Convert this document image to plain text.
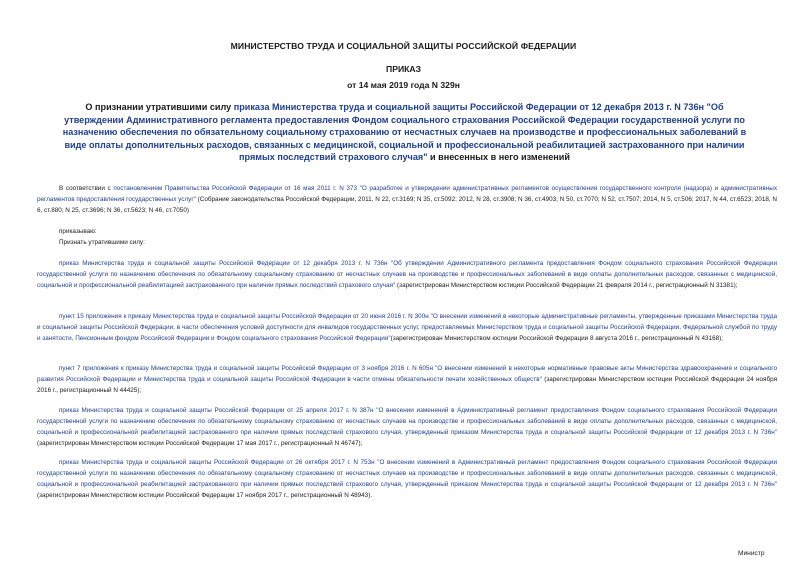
МИНИСТЕРСТВО ТРУДА И СОЦИАЛЬНОЙ ЗАЩИТЫ РОССИЙСКОЙ ФЕДЕРАЦИИ
ПРИКАЗ
от 14 мая 2019 года N 329н
О признании утратившими силу приказа Министерства труда и социальной защиты Российской Федерации от 12 декабря 2013 г. N 736н "Об утверждении Административного регламента предоставления Фондом социального страхования Российской Федерации государственной услуги по назначению обеспечения по обязательному социальному страхованию от несчастных случаев на производстве и профессиональных заболеваний в виде оплаты дополнительных расходов, связанных с медицинской, социальной и профессиональной реабилитацией застрахованного при наличии прямых последствий страхового случая" и внесенных в него изменений

В соответствии с постановлением Правительства Российской Федерации от 16 мая 2011 г. N 373 "О разработке и утверждении административных регламентов осуществления государственного контроля (надзора) и административных регламентов предоставления государственных услуг" (Собрание законодательства Российской Федерации, 2011, N 22, ст.3169; N 35, ст.5092; 2012, N 28, ст.3908; N 36, ст.4903; N 50, ст.7070; N 52, ст.7507; 2014, N 5, ст.506; 2017, N 44, ст.6523; 2018, N 6, ст.880; N 25, ст.3696; N 36, ст.5623; N 46, ст.7050)

приказываю:

Признать утратившими силу:

приказ Министерства труда и социальной защиты Российской Федерации от 12 декабря 2013 г. N 736н "Об утверждении Административного регламента предоставления Фондом социального страхования Российской Федерации государственной услуги по назначению обеспечения по обязательному социальному страхованию от несчастных случаев на производстве и профессиональных заболеваний в виде оплаты дополнительных расходов, связанных с медицинской, социальной и профессиональной реабилитацией застрахованного при наличии прямых последствий страхового случая" (зарегистрирован Министерством юстиции Российской Федерации 21 февраля 2014 г., регистрационный N 31381);

пункт 15 приложения к приказу Министерства труда и социальной защиты Российской Федерации от 20 июня 2016 г. N 300н "О внесении изменений в некоторые административные регламенты, утвержденные приказами Министерства труда и социальной защиты Российской Федерации, в части обеспечения условий доступности для инвалидов государственных услуг, предоставляемых Министерством труда и социальной защиты Российской Федерации, Федеральной службой по труду и занятости, Пенсионным фондом Российской Федерации и Фондом социального страхования Российской Федерации"(зарегистрирован Министерством юстиции Российской Федерации 8 августа 2016 г., регистрационный N 43168);

пункт 7 приложения к приказу Министерства труда и социальной защиты Российской Федерации от 3 ноября 2016 г. N 605н "О внесении изменений в некоторые нормативные правовые акты Министерства здравоохранения и социального развития Российской Федерации и Министерства труда и социальной защиты Российской Федерации в части отмены обязательности печати хозяйственных обществ" (зарегистрирован Министерством юстиции Российской Федерации 24 ноября 2016 г., регистрационный N 44425);

приказ Министерства труда и социальной защиты Российской Федерации от 25 апреля 2017 г. N 387н "О внесении изменений в Административный регламент предоставления Фондом социального страхования Российской Федерации государственной услуги по назначению обеспечения по обязательному социальному страхованию от несчастных случаев на производстве и профессиональных заболеваний в виде оплаты дополнительных расходов, связанных с медицинской, социальной и профессиональной реабилитацией застрахованного при наличии прямых последствий страхового случая, утвержденный приказом Министерства труда и социальной защиты Российской Федерации от 12 декабря 2013 г. N 736н" (зарегистрирован Министерством юстиции Российской Федерации 17 мая 2017 г., регистрационный N 46747);

приказ Министерства труда и социальной защиты Российской Федерации от 26 октября 2017 г. N 753н "О внесении изменений в Административный регламент предоставления Фондом социального страхования Российской Федерации государственной услуги по назначению обеспечения по обязательному социальному страхованию от несчастных случаев на производстве и профессиональных заболеваний в виде оплаты дополнительных расходов, связанных с медицинской, социальной и профессиональной реабилитацией застрахованного при наличии прямых последствий страхового случая, утвержденный приказом Министерства труда и социальной защиты Российской Федерации от 12 декабря 2013 г. N 736н" (зарегистрирован Министерством юстиции Российской Федерации 17 ноября 2017 г., регистрационный N 48943).

Министр
